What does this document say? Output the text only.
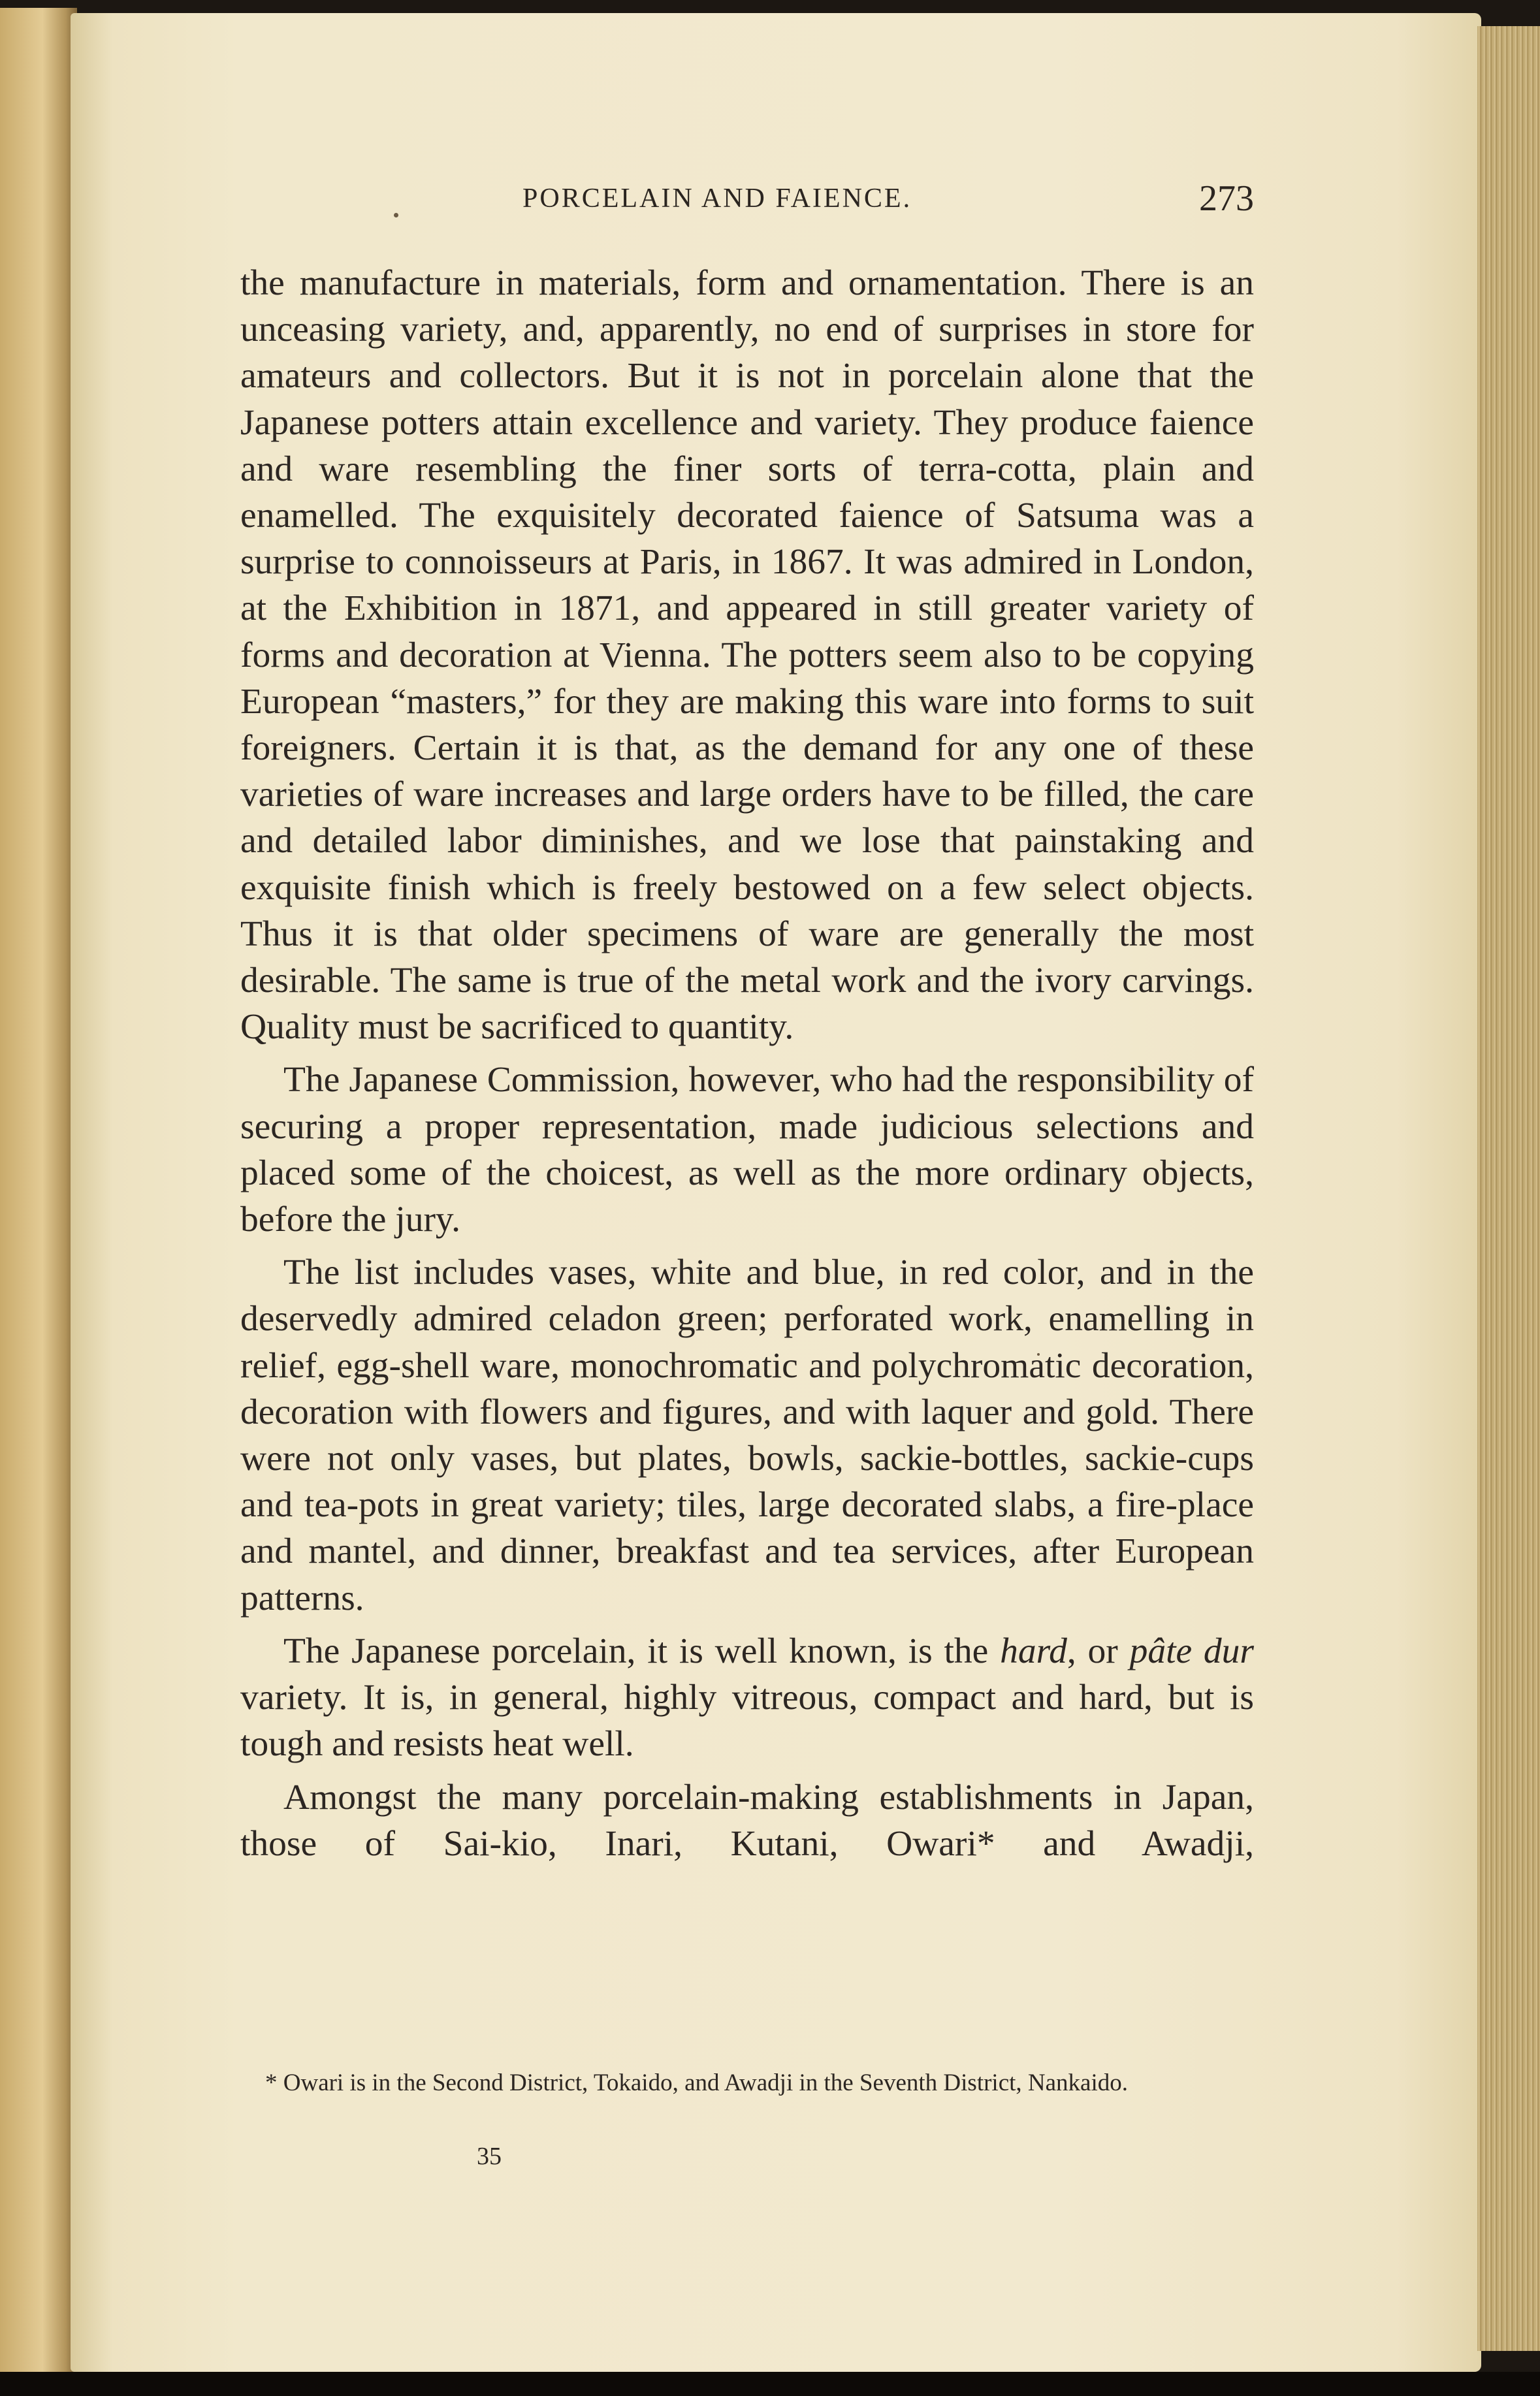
PORCELAIN AND FAIENCE.	273

the manufacture in materials, form and ornamentation. There is an unceasing variety, and, apparently, no end of surprises in store for amateurs and collectors. But it is not in porcelain alone that the Japanese potters attain excellence and variety. They produce faience and ware resembling the finer sorts of terra-cotta, plain and enamelled. The exquisitely decorated faience of Satsuma was a surprise to connoisseurs at Paris, in 1867. It was admired in London, at the Exhibition in 1871, and appeared in still greater variety of forms and decoration at Vienna. The potters seem also to be copying European “masters,” for they are making this ware into forms to suit foreigners. Certain it is that, as the demand for any one of these varieties of ware increases and large orders have to be filled, the care and detailed labor diminishes, and we lose that painstaking and exquisite finish which is freely bestowed on a few select objects. Thus it is that older specimens of ware are generally the most desirable. The same is true of the metal work and the ivory carvings. Quality must be sacrificed to quantity.

The Japanese Commission, however, who had the responsibility of securing a proper representation, made judicious selections and placed some of the choicest, as well as the more ordinary objects, before the jury.

The list includes vases, white and blue, in red color, and in the deservedly admired celadon green; perforated work, enamelling in relief, egg-shell ware, monochromatic and polychromatic decoration, decoration with flowers and figures, and with laquer and gold. There were not only vases, but plates, bowls, sackie-bottles, sackie-cups and tea-pots in great variety; tiles, large decorated slabs, a fire-place and mantel, and dinner, breakfast and tea services, after European patterns.

The Japanese porcelain, it is well known, is the hard, or pâte dur variety. It is, in general, highly vitreous, compact and hard, but is tough and resists heat well.

Amongst the many porcelain-making establishments in Japan, those of Sai-kio, Inari, Kutani, Owari* and Awadji,

* Owari is in the Second District, Tokaido, and Awadji in the Seventh District, Nankaido.

35
